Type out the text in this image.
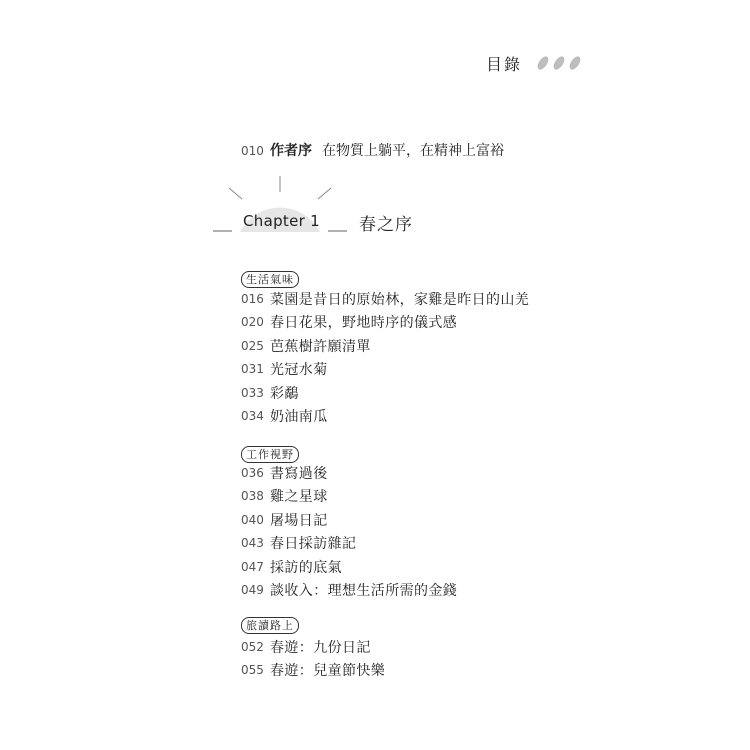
目錄
010 作者序 在物質上躺平，在精神上富裕
Chapter 1 春之序
生活氣味
016 菜園是昔日的原始林，家雞是昨日的山羌
020 春日花果，野地時序的儀式感
025 芭蕉樹許願清單
031 光冠水菊
033 彩鷸
034 奶油南瓜
工作視野
036 書寫過後
038 雞之星球
040 屠場日記
043 春日採訪雜記
047 採訪的底氣
049 談收入：理想生活所需的金錢
旅讀路上
052 春遊：九份日記
055 春遊：兒童節快樂
